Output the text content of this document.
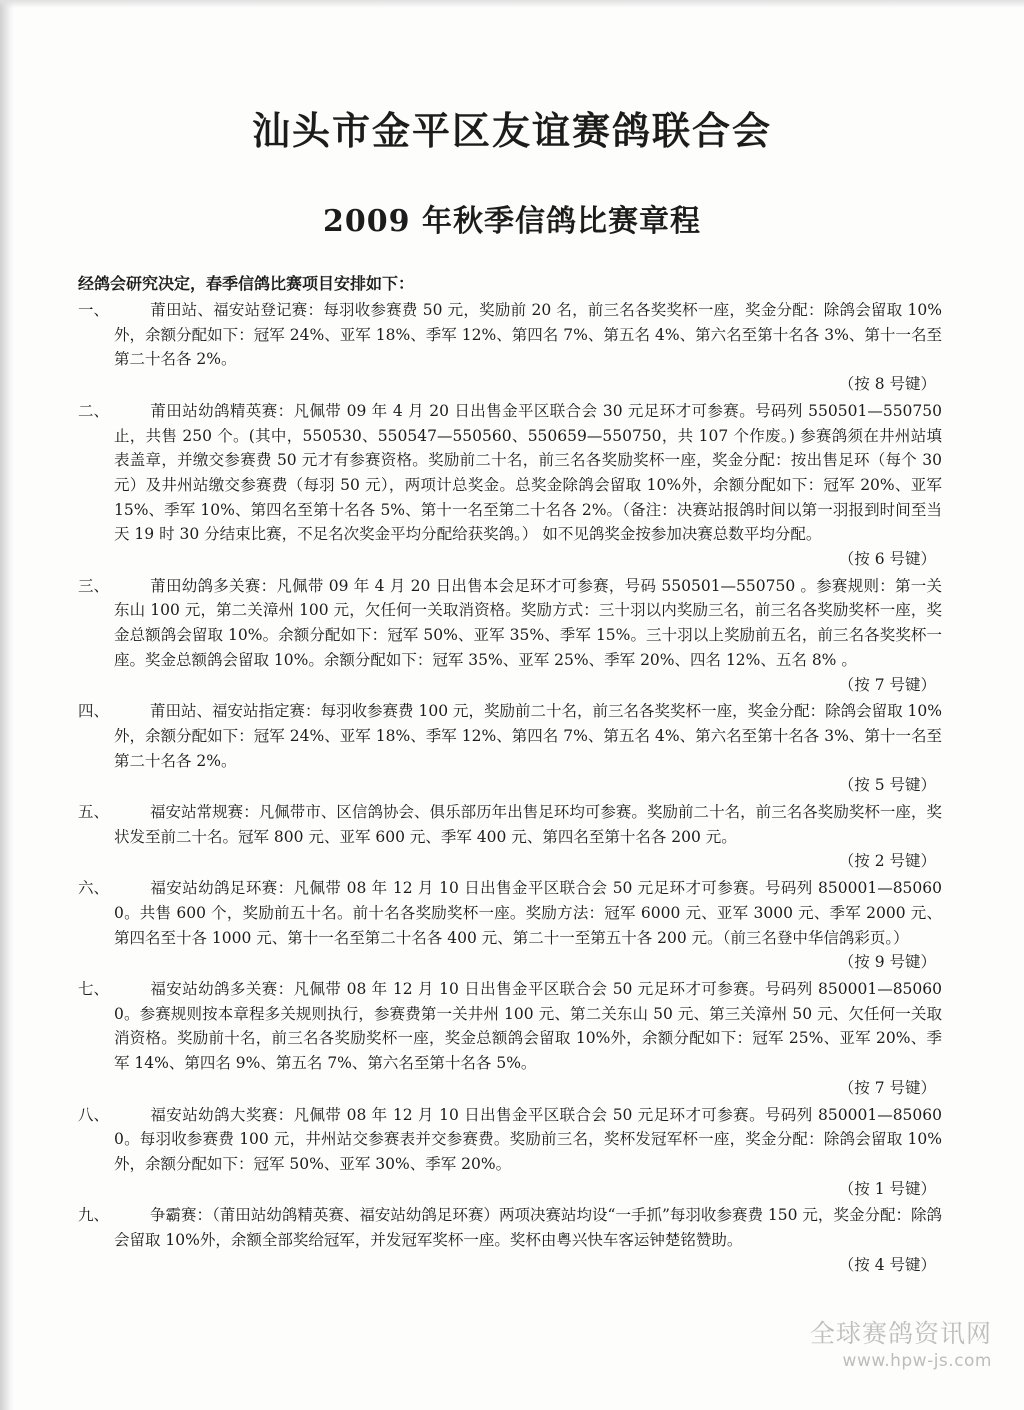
汕头市金平区友谊赛鸽联合会
2009 年秋季信鸽比赛章程
经鸽会研究决定，春季信鸽比赛项目安排如下：
一、	莆田站、福安站登记赛：每羽收参赛费 50 元，奖励前 20 名，前三名各奖奖杯一座，奖金分配：除鸽会留取 10%外，余额分配如下：冠军 24%、亚军 18%、季军 12%、第四名 7%、第五名 4%、第六名至第十名各 3%、第十一名至第二十名各 2%。
（按 8 号键）
二、	莆田站幼鸽精英赛：凡佩带 09 年 4 月 20 日出售金平区联合会 30 元足环才可参赛。号码列 550501—550750 止，共售 250 个。(其中，550530、550547—550560、550659—550750，共 107 个作废。) 参赛鸽须在井州站填表盖章，并缴交参赛费 50 元才有参赛资格。奖励前二十名，前三名各奖励奖杯一座，奖金分配：按出售足环（每个 30 元）及井州站缴交参赛费（每羽 50 元），两项计总奖金。总奖金除鸽会留取 10%外，余额分配如下：冠军 20%、亚军 15%、季军 10%、第四名至第十名各 5%、第十一名至第二十名各 2%。（备注：决赛站报鸽时间以第一羽报到时间至当天 19 时 30 分结束比赛，不足名次奖金平均分配给获奖鸽。） 如不见鸽奖金按参加决赛总数平均分配。
（按 6 号键）
三、	莆田幼鸽多关赛：凡佩带 09 年 4 月 20 日出售本会足环才可参赛，号码 550501—550750 。参赛规则：第一关东山 100 元，第二关漳州 100 元，欠任何一关取消资格。奖励方式：三十羽以内奖励三名，前三名各奖励奖杯一座，奖金总额鸽会留取 10%。余额分配如下：冠军 50%、亚军 35%、季军 15%。三十羽以上奖励前五名，前三名各奖奖杯一座。奖金总额鸽会留取 10%。余额分配如下：冠军 35%、亚军 25%、季军 20%、四名 12%、五名 8% 。
（按 7 号键）
四、	莆田站、福安站指定赛：每羽收参赛费 100 元，奖励前二十名，前三名各奖奖杯一座，奖金分配：除鸽会留取 10%外，余额分配如下：冠军 24%、亚军 18%、季军 12%、第四名 7%、第五名 4%、第六名至第十名各 3%、第十一名至第二十名各 2%。
（按 5 号键）
五、	福安站常规赛：凡佩带市、区信鸽协会、俱乐部历年出售足环均可参赛。奖励前二十名，前三名各奖励奖杯一座，奖状发至前二十名。冠军 800 元、亚军 600 元、季军 400 元、第四名至第十名各 200 元。
（按 2 号键）
六、	福安站幼鸽足环赛：凡佩带 08 年 12 月 10 日出售金平区联合会 50 元足环才可参赛。号码列 850001—850600。共售 600 个，奖励前五十名。前十名各奖励奖杯一座。奖励方法：冠军 6000 元、亚军 3000 元、季军 2000 元、第四名至十各 1000 元、第十一名至第二十名各 400 元、第二十一至第五十各 200 元。（前三名登中华信鸽彩页。）
（按 9 号键）
七、	福安站幼鸽多关赛：凡佩带 08 年 12 月 10 日出售金平区联合会 50 元足环才可参赛。号码列 850001—850600。参赛规则按本章程多关规则执行，参赛费第一关井州 100 元、第二关东山 50 元、第三关漳州 50 元、欠任何一关取消资格。奖励前十名，前三名各奖励奖杯一座，奖金总额鸽会留取 10%外，余额分配如下：冠军 25%、亚军 20%、季军 14%、第四名 9%、第五名 7%、第六名至第十名各 5%。
（按 7 号键）
八、	福安站幼鸽大奖赛：凡佩带 08 年 12 月 10 日出售金平区联合会 50 元足环才可参赛。号码列 850001—850600。每羽收参赛费 100 元，井州站交参赛表并交参赛费。奖励前三名，奖杯发冠军杯一座，奖金分配：除鸽会留取 10%外，余额分配如下：冠军 50%、亚军 30%、季军 20%。
（按 1 号键）
九、	争霸赛：（莆田站幼鸽精英赛、福安站幼鸽足环赛）两项决赛站均设“一手抓”每羽收参赛费 150 元，奖金分配：除鸽会留取 10%外，余额全部奖给冠军，并发冠军奖杯一座。奖杯由粤兴快车客运钟楚铭赞助。
（按 4 号键）
全球赛鸽资讯网
www.hpw-js.com
